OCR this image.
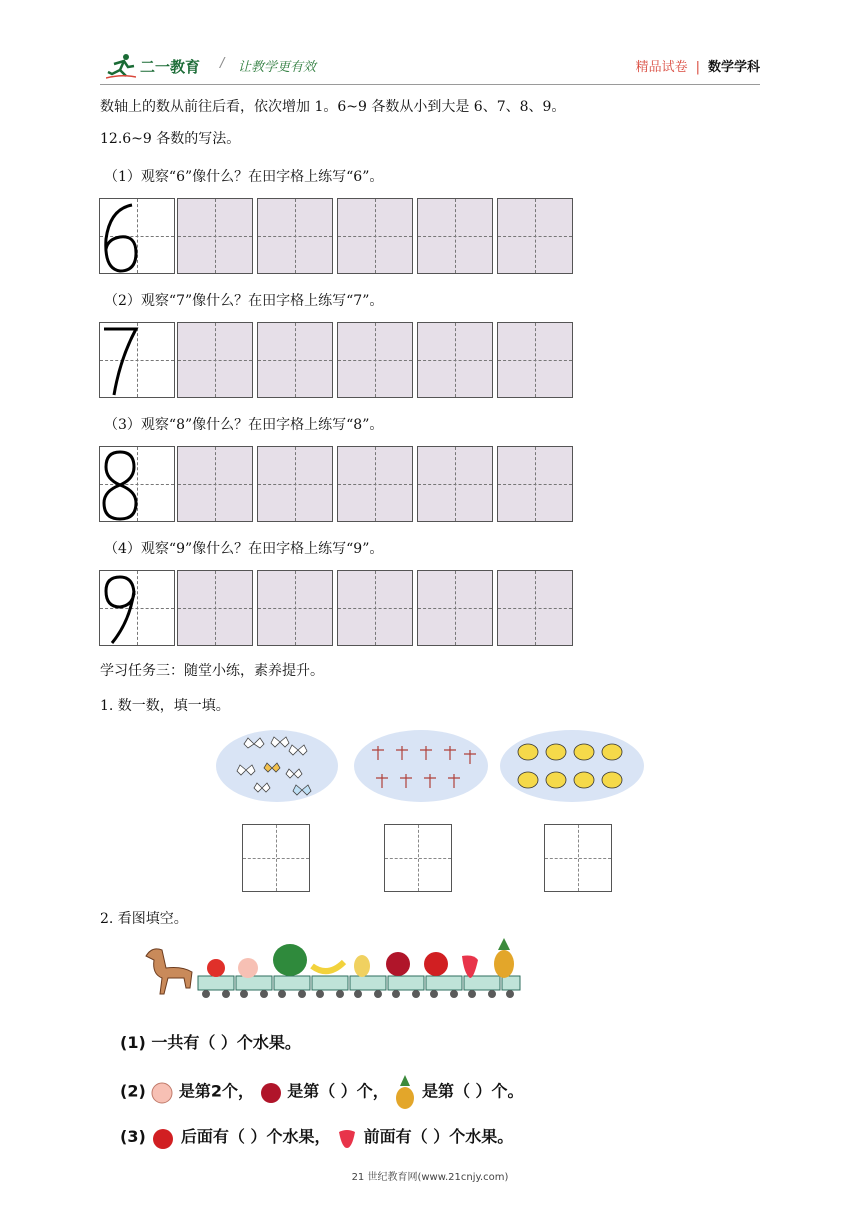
二一教育 / 让教学更有效	精品试卷 | 数学学科
数轴上的数从前往后看，依次增加 1。6~9 各数从小到大是 6、7、8、9。
12.6~9 各数的写法。
（1）观察“6”像什么？在田字格上练写“6”。
（2）观察“7”像什么？在田字格上练写“7”。
（3）观察“8”像什么？在田字格上练写“8”。
（4）观察“9”像什么？在田字格上练写“9”。
学习任务三：随堂小练，素养提升。
1. 数一数，填一填。
2. 看图填空。
(1) 一共有（ ）个水果。
(2) 是第2个， 是第（ ）个， 是第（ ）个。
(3) 后面有（ ）个水果， 前面有（ ）个水果。
21 世纪教育网(www.21cnjy.com)
